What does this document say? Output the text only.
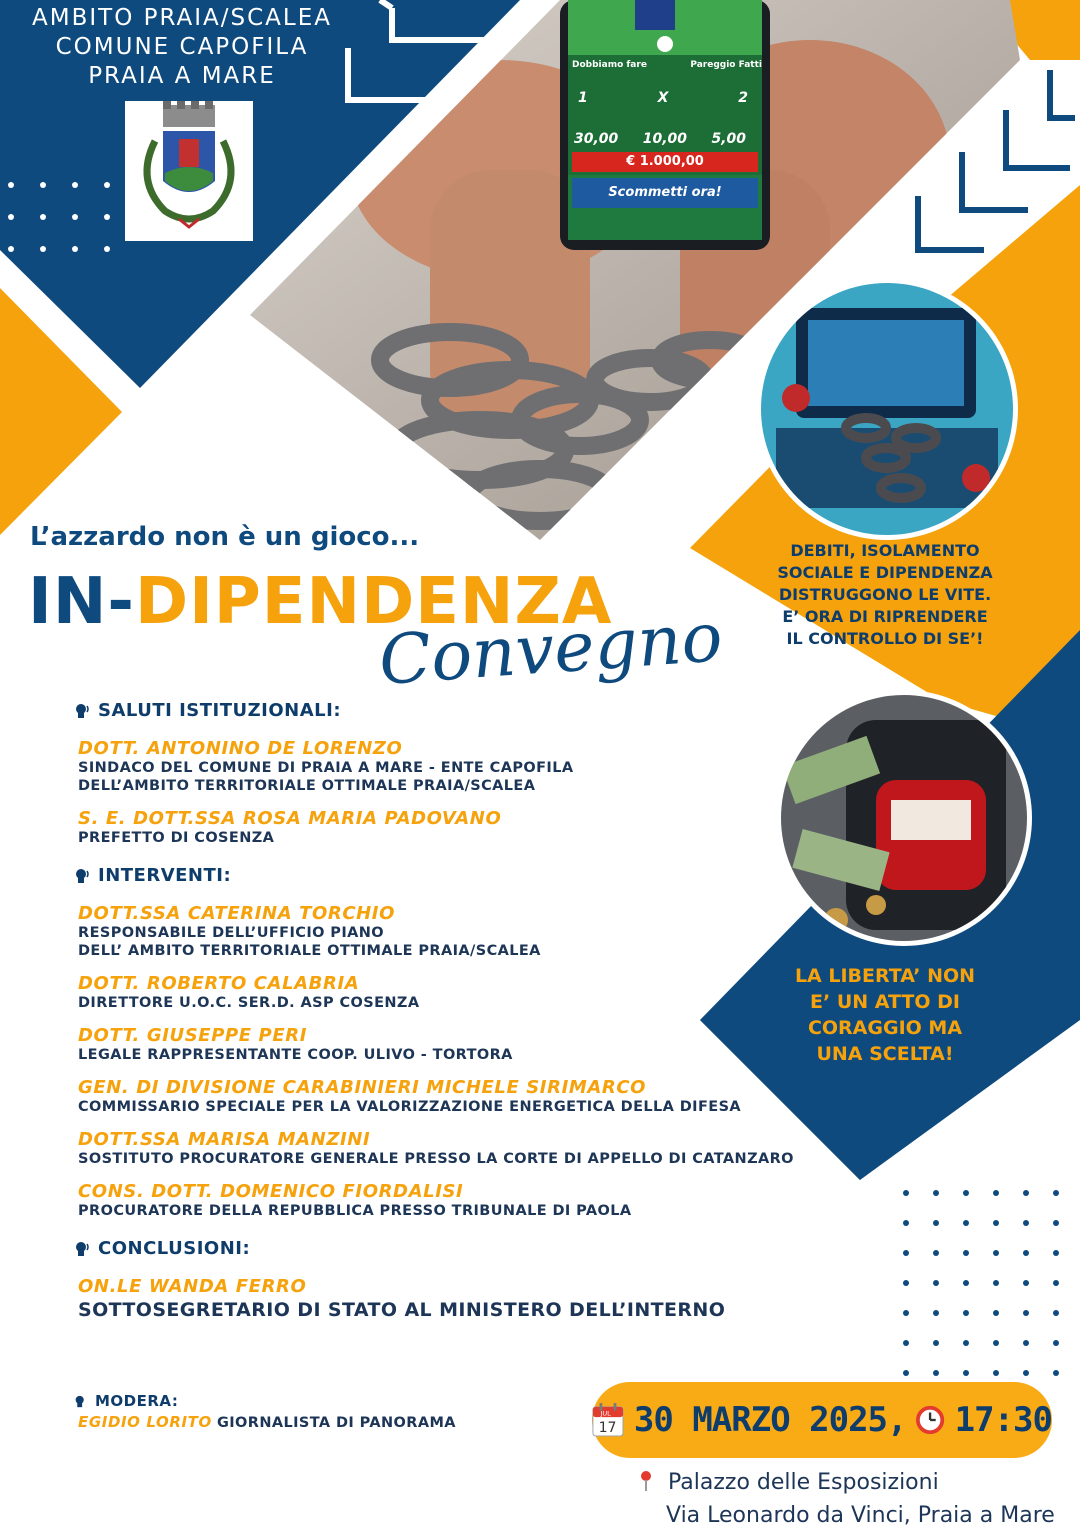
Dobbiamo fare	Pareggio Fatti
1	X	2
30,00 10,00 5,00
€ 1.000,00
Scommetti ora!
AMBITO PRAIA/SCALEA
COMUNE CAPOFILA
PRAIA A MARE
DEBITI, ISOLAMENTO
SOCIALE E DIPENDENZA
DISTRUGGONO LE VITE.
E’ ORA DI RIPRENDERE
IL CONTROLLO DI SE’!
LA LIBERTA’ NON
E’ UN ATTO DI
CORAGGIO MA
UNA SCELTA!
L’azzardo non è un gioco...
IN-DIPENDENZA
Convegno
SALUTI ISTITUZIONALI:
DOTT. ANTONINO DE LORENZO
SINDACO DEL COMUNE DI PRAIA A MARE - ENTE CAPOFILA
DELL’AMBITO TERRITORIALE OTTIMALE PRAIA/SCALEA
S. E. DOTT.SSA ROSA MARIA PADOVANO
PREFETTO DI COSENZA
INTERVENTI:
DOTT.SSA CATERINA TORCHIO
RESPONSABILE DELL’UFFICIO PIANO
DELL’ AMBITO TERRITORIALE OTTIMALE PRAIA/SCALEA
DOTT. ROBERTO CALABRIA
DIRETTORE U.O.C. SER.D. ASP COSENZA
DOTT. GIUSEPPE PERI
LEGALE RAPPRESENTANTE COOP. ULIVO - TORTORA
GEN. DI DIVISIONE CARABINIERI MICHELE SIRIMARCO
COMMISSARIO SPECIALE PER LA VALORIZZAZIONE ENERGETICA DELLA DIFESA
DOTT.SSA MARISA MANZINI
SOSTITUTO PROCURATORE GENERALE PRESSO LA CORTE DI APPELLO DI CATANZARO
CONS. DOTT. DOMENICO FIORDALISI
PROCURATORE DELLA REPUBBLICA PRESSO TRIBUNALE DI PAOLA
CONCLUSIONI:
ON.LE WANDA FERRO
SOTTOSEGRETARIO DI STATO AL MINISTERO DELL’INTERNO
MODERA:
EGIDIO LORITO GIORNALISTA DI PANORAMA
JUL
17 30 MARZO 2025, 17:30
Palazzo delle Esposizioni
Via Leonardo da Vinci, Praia a Mare
